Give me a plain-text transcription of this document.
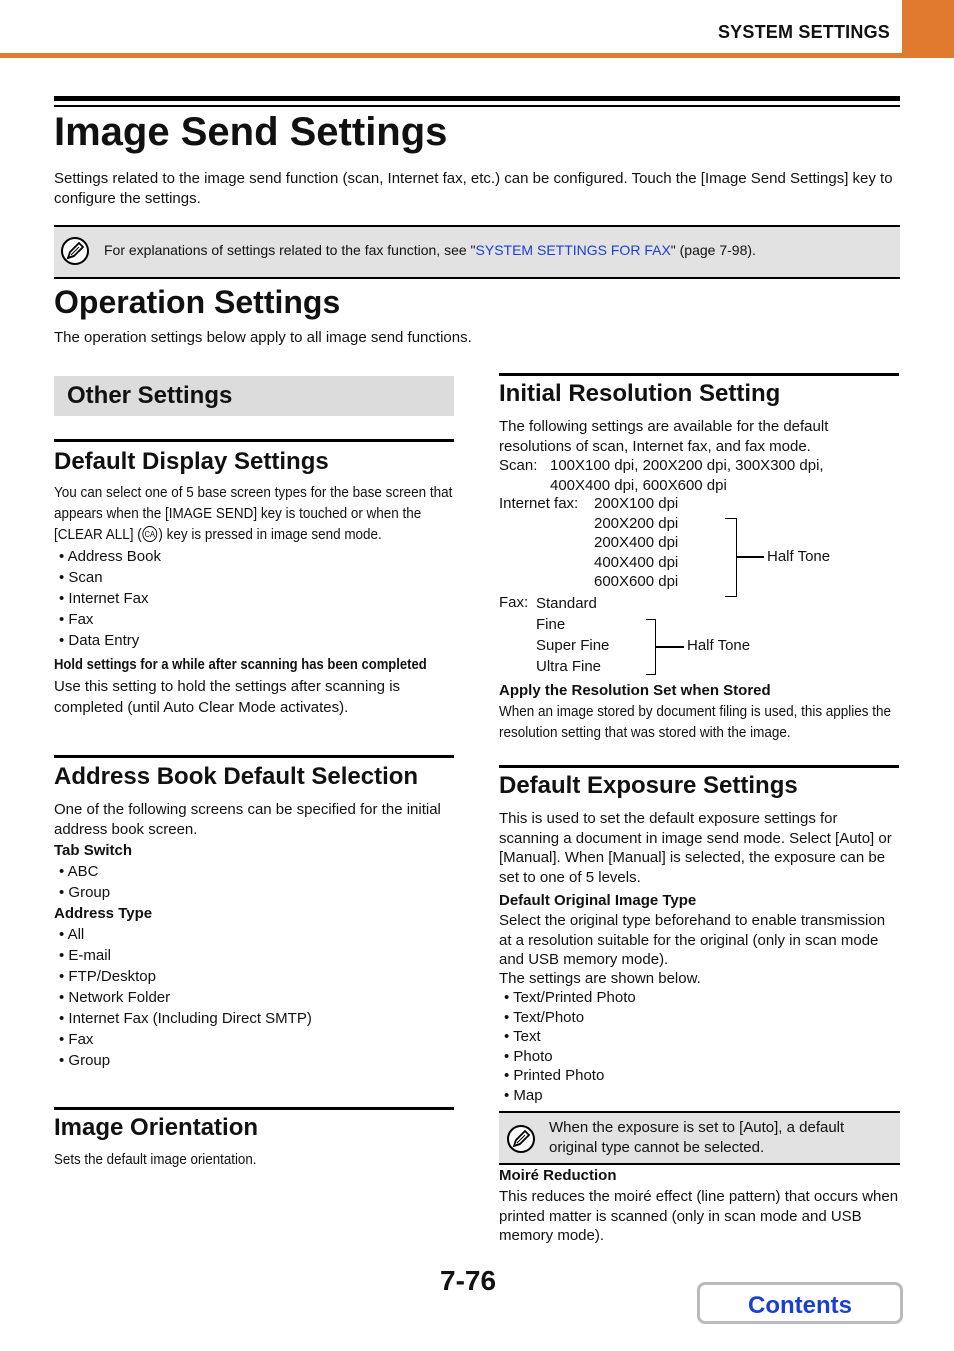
SYSTEM SETTINGS
Image Send Settings
Settings related to the image send function (scan, Internet fax, etc.) can be configured. Touch the [Image Send Settings] key to configure the settings.
For explanations of settings related to the fax function, see "SYSTEM SETTINGS FOR FAX" (page 7-98).
Operation Settings
The operation settings below apply to all image send functions.
Other Settings
Default Display Settings
You can select one of 5 base screen types for the base screen that appears when the [IMAGE SEND] key is touched or when the [CLEAR ALL] ( CA ) key is pressed in image send mode.
• Address Book
• Scan
• Internet Fax
• Fax
• Data Entry
Hold settings for a while after scanning has been completed
Use this setting to hold the settings after scanning is completed (until Auto Clear Mode activates).
Address Book Default Selection
One of the following screens can be specified for the initial address book screen.
Tab Switch
• ABC
• Group
Address Type
• All
• E-mail
• FTP/Desktop
• Network Folder
• Internet Fax (Including Direct SMTP)
• Fax
• Group
Image Orientation
Sets the default image orientation.
Initial Resolution Setting
The following settings are available for the default resolutions of scan, Internet fax, and fax mode.
Scan: 100X100 dpi, 200X200 dpi, 300X300 dpi,
400X400 dpi, 600X600 dpi
Internet fax: 200X100 dpi
200X200 dpi
200X400 dpi
400X400 dpi
600X600 dpi
Half Tone
Fax: Standard
Fine
Super Fine
Ultra Fine
Half Tone
Apply the Resolution Set when Stored
When an image stored by document filing is used, this applies the resolution setting that was stored with the image.
Default Exposure Settings
This is used to set the default exposure settings for scanning a document in image send mode. Select [Auto] or [Manual]. When [Manual] is selected, the exposure can be set to one of 5 levels.
Default Original Image Type
Select the original type beforehand to enable transmission at a resolution suitable for the original (only in scan mode and USB memory mode).
The settings are shown below.
• Text/Printed Photo
• Text/Photo
• Text
• Photo
• Printed Photo
• Map
When the exposure is set to [Auto], a default original type cannot be selected.
Moiré Reduction
This reduces the moiré effect (line pattern) that occurs when printed matter is scanned (only in scan mode and USB memory mode).
7-76
Contents
